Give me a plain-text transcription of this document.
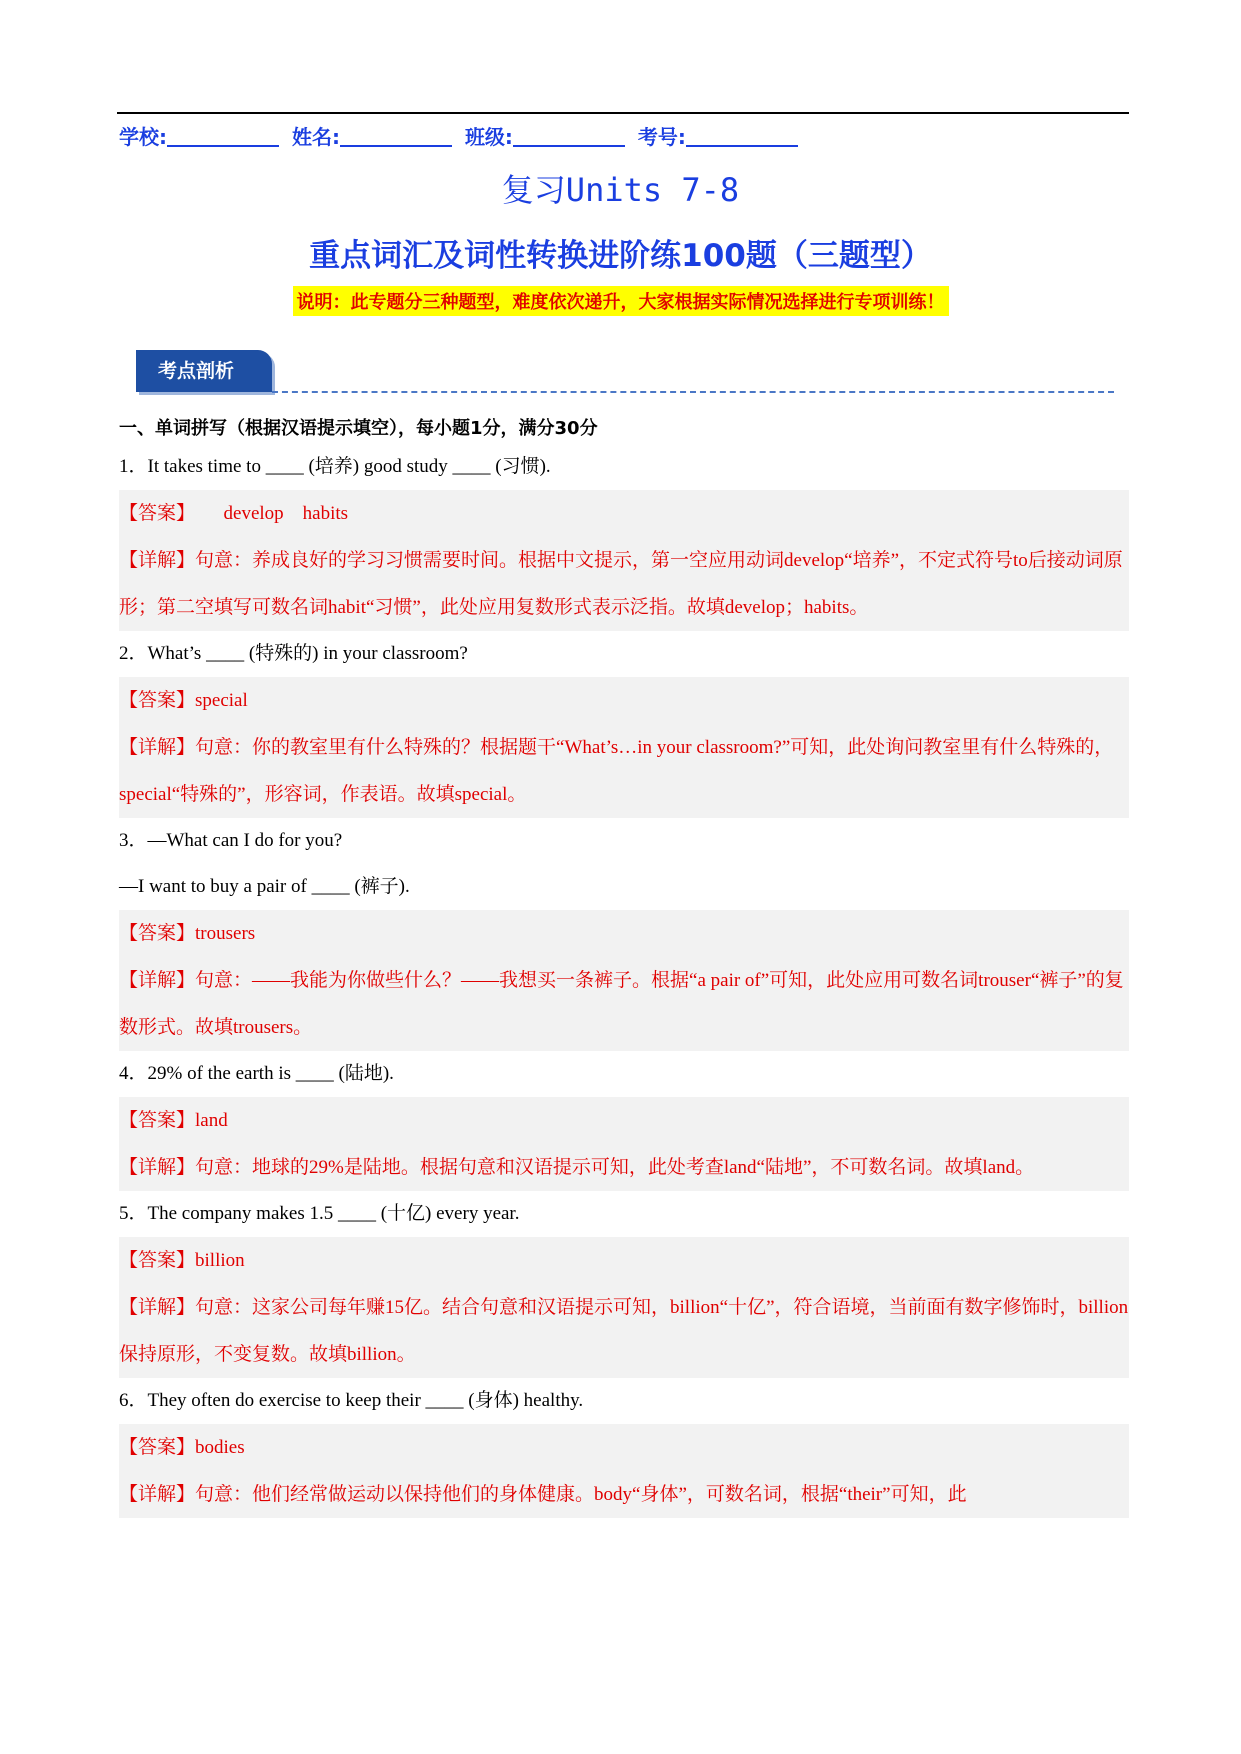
学校:	姓名:	班级:	考号:
复习Units 7-8
重点词汇及词性转换进阶练100题（三题型）
说明：此专题分三种题型，难度依次递升，大家根据实际情况选择进行专项训练！
考点剖析
一、单词拼写（根据汉语提示填空），每小题1分，满分30分
1．It takes time to ____ (培养) good study ____ (习惯).
【答案】      develop    habits
【详解】句意：养成良好的学习习惯需要时间。根据中文提示，第一空应用动词develop“培养”，不定式符号to后接动词原形；第二空填写可数名词habit“习惯”，此处应用复数形式表示泛指。故填develop；habits。
2．What’s ____ (特殊的) in your classroom?
【答案】special
【详解】句意：你的教室里有什么特殊的？根据题干“What’s…in your classroom?”可知，此处询问教室里有什么特殊的，special“特殊的”，形容词，作表语。故填special。
3．—What can I do for you?
—I want to buy a pair of ____ (裤子).
【答案】trousers
【详解】句意：——我能为你做些什么？——我想买一条裤子。根据“a pair of”可知，此处应用可数名词trouser“裤子”的复数形式。故填trousers。
4．29% of the earth is ____ (陆地).
【答案】land
【详解】句意：地球的29%是陆地。根据句意和汉语提示可知，此处考查land“陆地”，不可数名词。故填land。
5．The company makes 1.5 ____ (十亿) every year.
【答案】billion
【详解】句意：这家公司每年赚15亿。结合句意和汉语提示可知，billion“十亿”，符合语境，当前面有数字修饰时，billion保持原形，不变复数。故填billion。
6．They often do exercise to keep their ____ (身体) healthy.
【答案】bodies
【详解】句意：他们经常做运动以保持他们的身体健康。body“身体”，可数名词，根据“their”可知，此
